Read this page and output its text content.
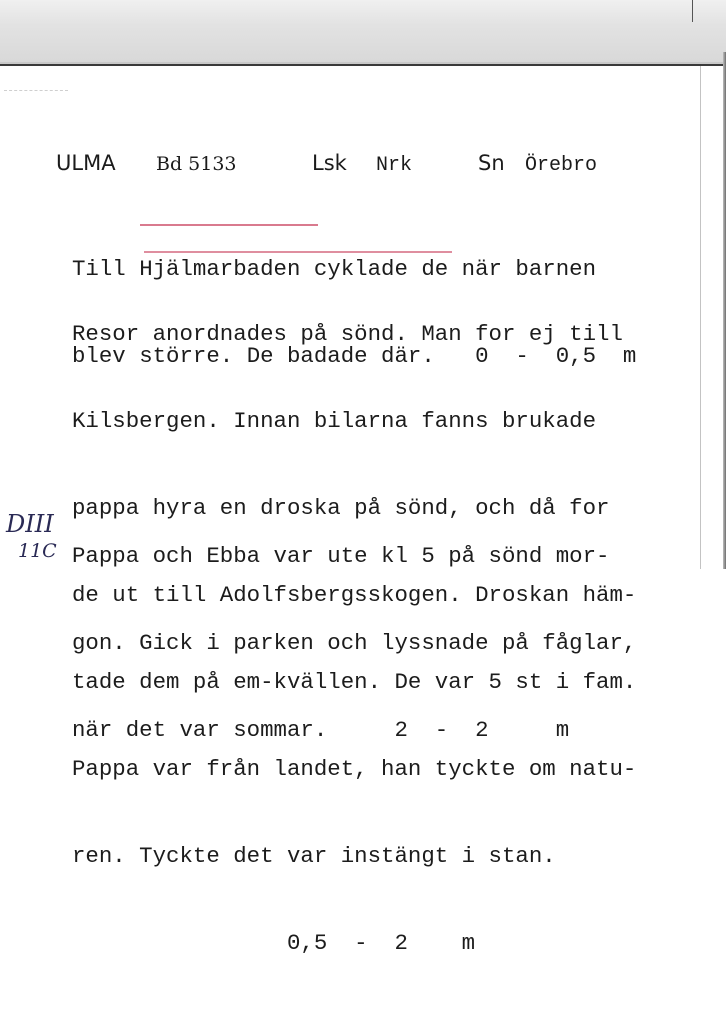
ULMA Bd 5133	Lsk Nrk	Sn Örebro

Till Hjälmarbaden cyklade de när barnen

blev större. De badade där.   0  -  0,5  m

Resor anordnades på sönd. Man for ej till

Kilsbergen. Innan bilarna fanns brukade

pappa hyra en droska på sönd, och då for

de ut till Adolfsbergsskogen. Droskan häm-

tade dem på em-kvällen. De var 5 st i fam.

Pappa var från landet, han tyckte om natu-

ren. Tyckte det var instängt i stan.

0,5  -  2    m

Pappa och Ebba var ute kl 5 på sönd mor-

gon. Gick i parken och lyssnade på fåglar,

när det var sommar.     2  -  2     m

DIII
11C
